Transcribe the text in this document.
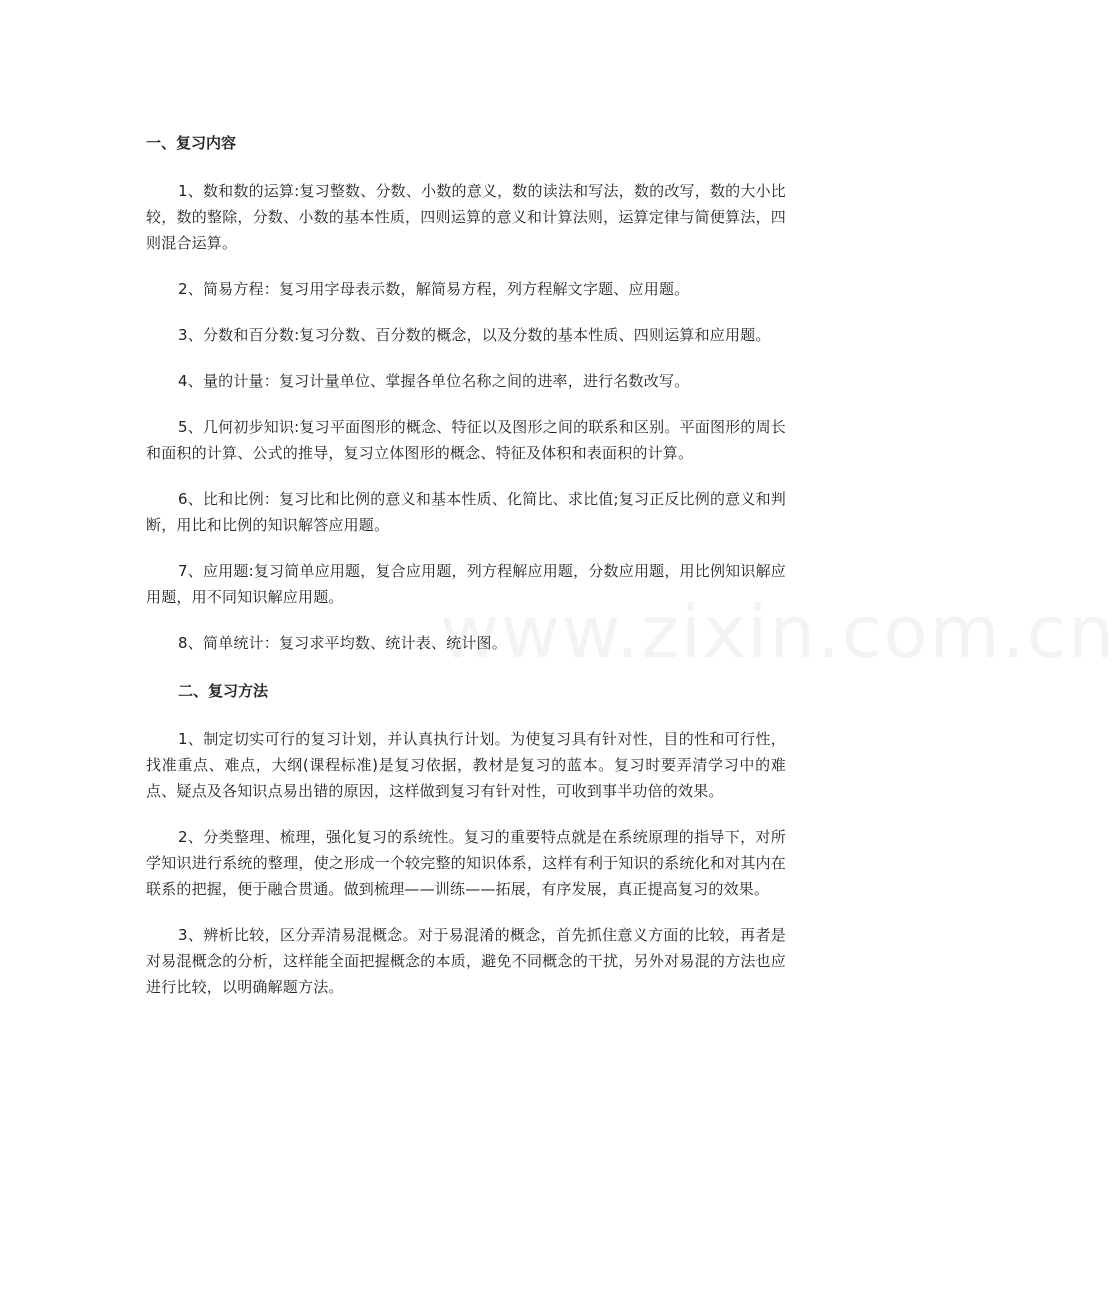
www.zixin.com.cn
一、复习内容

1、数和数的运算:复习整数、分数、小数的意义，数的读法和写法，数的改写，数的大小比较，数的整除，分数、小数的基本性质，四则运算的意义和计算法则，运算定律与简便算法，四则混合运算。

2、简易方程：复习用字母表示数，解简易方程，列方程解文字题、应用题。

3、分数和百分数:复习分数、百分数的概念，以及分数的基本性质、四则运算和应用题。

4、量的计量：复习计量单位、掌握各单位名称之间的进率，进行名数改写。

5、几何初步知识:复习平面图形的概念、特征以及图形之间的联系和区别。平面图形的周长和面积的计算、公式的推导，复习立体图形的概念、特征及体积和表面积的计算。

6、比和比例：复习比和比例的意义和基本性质、化简比、求比值;复习正反比例的意义和判断，用比和比例的知识解答应用题。

7、应用题:复习简单应用题，复合应用题，列方程解应用题，分数应用题，用比例知识解应用题，用不同知识解应用题。

8、简单统计：复习求平均数、统计表、统计图。

二、复习方法

1、制定切实可行的复习计划，并认真执行计划。为使复习具有针对性，目的性和可行性，找准重点、难点，大纲(课程标准)是复习依据，教材是复习的蓝本。复习时要弄清学习中的难点、疑点及各知识点易出错的原因，这样做到复习有针对性，可收到事半功倍的效果。

2、分类整理、梳理，强化复习的系统性。复习的重要特点就是在系统原理的指导下，对所学知识进行系统的整理，使之形成一个较完整的知识体系，这样有利于知识的系统化和对其内在联系的把握，便于融合贯通。做到梳理——训练——拓展，有序发展，真正提高复习的效果。

3、辨析比较，区分弄清易混概念。对于易混淆的概念，首先抓住意义方面的比较，再者是对易混概念的分析，这样能全面把握概念的本质，避免不同概念的干扰，另外对易混的方法也应进行比较，以明确解题方法。
